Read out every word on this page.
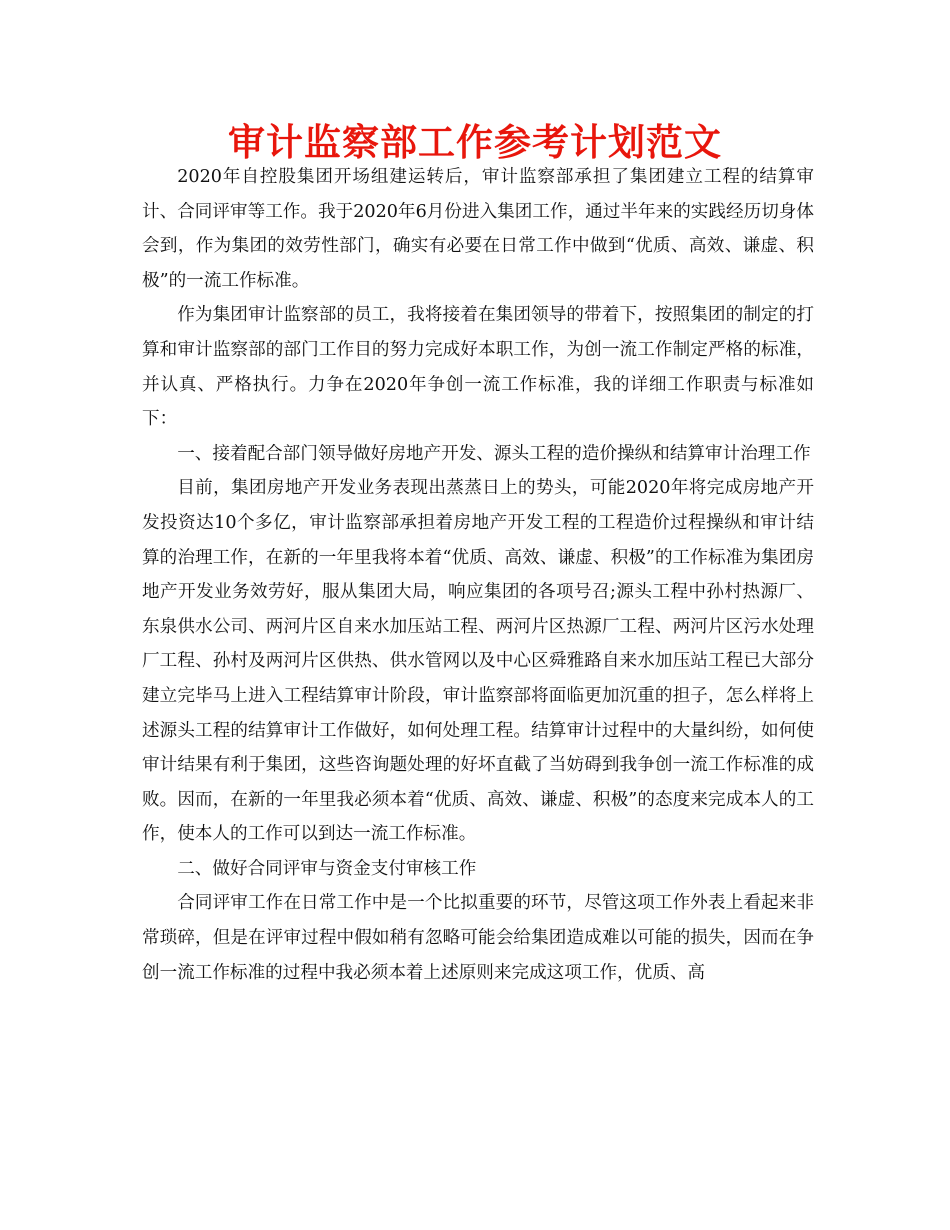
审计监察部工作参考计划范文

2020年自控股集团开场组建运转后，审计监察部承担了集团建立工程的结算审计、合同评审等工作。我于2020年6月份进入集团工作，通过半年来的实践经历切身体会到，作为集团的效劳性部门，确实有必要在日常工作中做到“优质、高效、谦虚、积极”的一流工作标准。

作为集团审计监察部的员工，我将接着在集团领导的带着下，按照集团的制定的打算和审计监察部的部门工作目的努力完成好本职工作，为创一流工作制定严格的标准，并认真、严格执行。力争在2020年争创一流工作标准，我的详细工作职责与标准如下：

一、接着配合部门领导做好房地产开发、源头工程的造价操纵和结算审计治理工作

目前，集团房地产开发业务表现出蒸蒸日上的势头，可能2020年将完成房地产开发投资达10个多亿，审计监察部承担着房地产开发工程的工程造价过程操纵和审计结算的治理工作，在新的一年里我将本着“优质、高效、谦虚、积极”的工作标准为集团房地产开发业务效劳好，服从集团大局，响应集团的各项号召;源头工程中孙村热源厂、东泉供水公司、两河片区自来水加压站工程、两河片区热源厂工程、两河片区污水处理厂工程、孙村及两河片区供热、供水管网以及中心区舜雅路自来水加压站工程已大部分建立完毕马上进入工程结算审计阶段，审计监察部将面临更加沉重的担子，怎么样将上述源头工程的结算审计工作做好，如何处理工程。结算审计过程中的大量纠纷，如何使审计结果有利于集团，这些咨询题处理的好坏直截了当妨碍到我争创一流工作标准的成败。因而，在新的一年里我必须本着“优质、高效、谦虚、积极”的态度来完成本人的工作，使本人的工作可以到达一流工作标准。

二、做好合同评审与资金支付审核工作

合同评审工作在日常工作中是一个比拟重要的环节，尽管这项工作外表上看起来非常琐碎，但是在评审过程中假如稍有忽略可能会给集团造成难以可能的损失，因而在争创一流工作标准的过程中我必须本着上述原则来完成这项工作，优质、高
